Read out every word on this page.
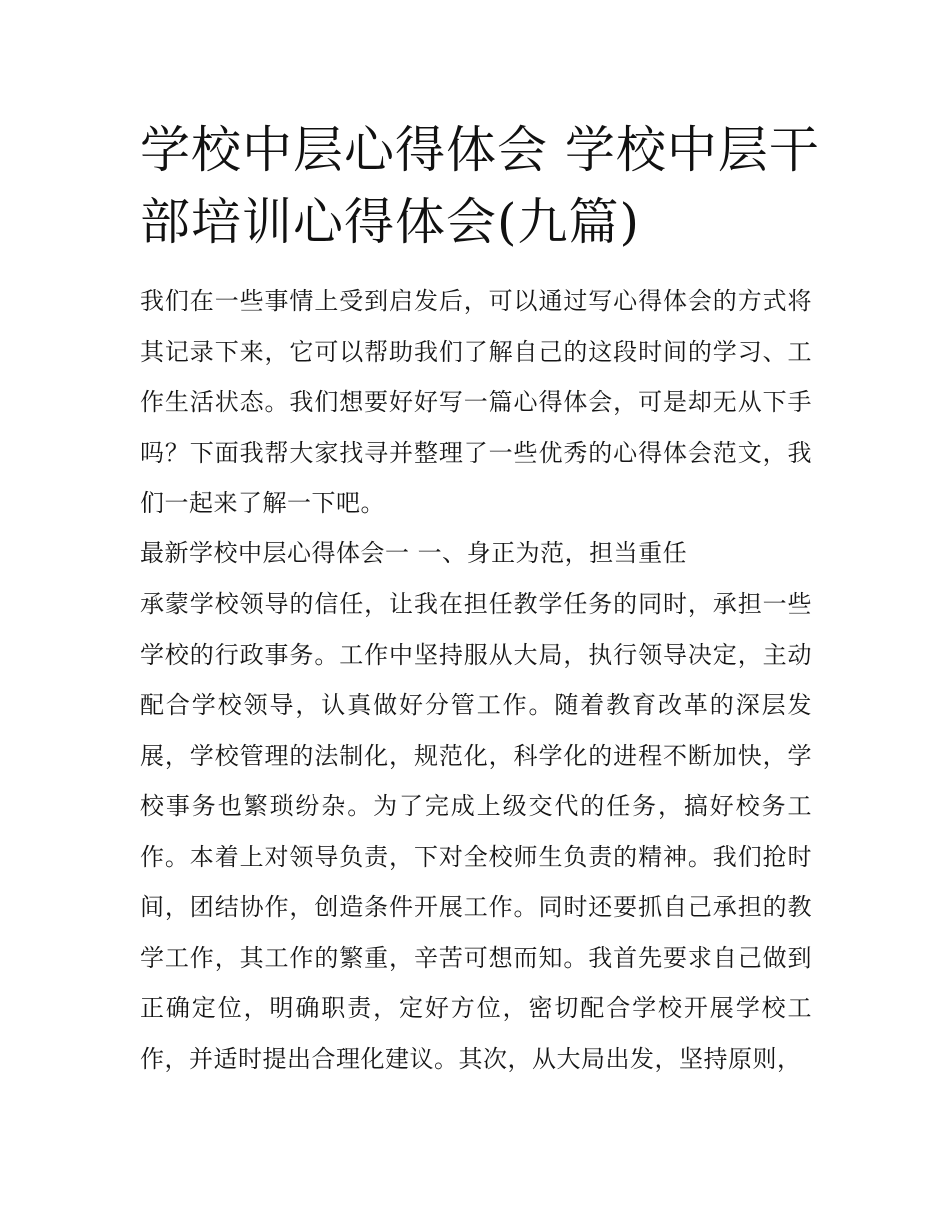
学校中层心得体会 学校中层干部培训心得体会(九篇)

我们在一些事情上受到启发后，可以通过写心得体会的方式将其记录下来，它可以帮助我们了解自己的这段时间的学习、工作生活状态。我们想要好好写一篇心得体会，可是却无从下手吗？下面我帮大家找寻并整理了一些优秀的心得体会范文，我们一起来了解一下吧。

最新学校中层心得体会一 一、身正为范，担当重任

承蒙学校领导的信任，让我在担任教学任务的同时，承担一些学校的行政事务。工作中坚持服从大局，执行领导决定，主动配合学校领导，认真做好分管工作。随着教育改革的深层发展，学校管理的法制化，规范化，科学化的进程不断加快，学校事务也繁琐纷杂。为了完成上级交代的任务，搞好校务工作。本着上对领导负责，下对全校师生负责的精神。我们抢时间，团结协作，创造条件开展工作。同时还要抓自己承担的教学工作，其工作的繁重，辛苦可想而知。我首先要求自己做到正确定位，明确职责，定好方位，密切配合学校开展学校工作，并适时提出合理化建议。其次，从大局出发，坚持原则，
